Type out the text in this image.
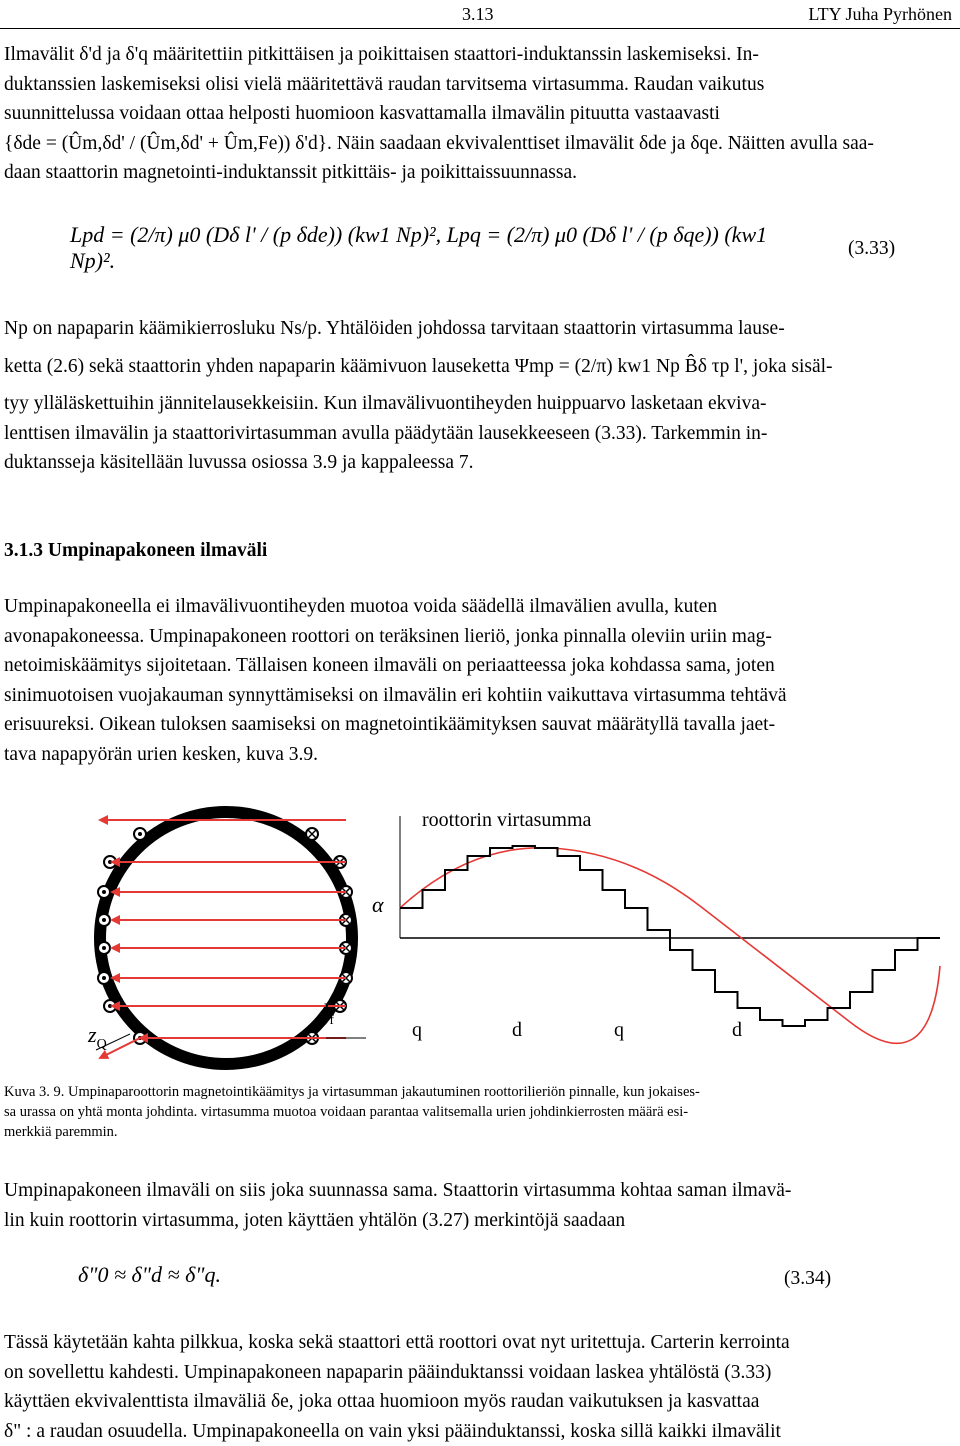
3.13	LTY Juha Pyrhönen
Ilmavälit δ'd ja δ'q määritettiin pitkittäisen ja poikittaisen staattori-induktanssin laskemiseksi. In-
duktanssien laskemiseksi olisi vielä määritettävä raudan tarvitsema virtasumma. Raudan vaikutus
suunnittelussa voidaan ottaa helposti huomioon kasvattamalla ilmavälin pituutta vastaavasti
{δde = (Ûm,δd' / (Ûm,δd' + Ûm,Fe)) δ'd}. Näin saadaan ekvivalenttiset ilmavälit δde ja δqe. Näitten avulla saa-
daan staattorin magnetointi-induktanssit pitkittäis- ja poikittaissuunnassa.
Lpd = (2/π) μ0 (Dδ l' / (p δde)) (kw1 Np)², Lpq = (2/π) μ0 (Dδ l' / (p δqe)) (kw1 Np)².	(3.33)
Np on napaparin käämikierrosluku Ns/p. Yhtälöiden johdossa tarvitaan staattorin virtasumma lause-
ketta (2.6) sekä staattorin yhden napaparin käämivuon lauseketta Ψmp = (2/π) kw1 Np B̂δ τp l', joka sisäl-
tyy ylläläskettuihin jännitelausekkeisiin. Kun ilmavälivuontiheyden huippuarvo lasketaan ekviva-
lenttisen ilmavälin ja staattorivirtasumman avulla päädytään lausekkeeseen (3.33). Tarkemmin in-
duktansseja käsitellään luvussa osiossa 3.9 ja kappaleessa 7.
3.1.3 Umpinapakoneen ilmaväli
Umpinapakoneella ei ilmavälivuontiheyden muotoa voida säädellä ilmavälien avulla, kuten
avonapakoneessa. Umpinapakoneen roottori on teräksinen lieriö, jonka pinnalla oleviin uriin mag-
netoimiskäämitys sijoitetaan. Tällaisen koneen ilmaväli on periaatteessa joka kohdassa sama, joten
sinimuotoisen vuojakauman synnyttämiseksi on ilmavälin eri kohtiin vaikuttava virtasumma tehtävä
erisuureksi. Oikean tuloksen saamiseksi on magnetointikäämityksen sauvat määrätyllä tavalla jaet-
tava napapyörän urien kesken, kuva 3.9.
$z_Q$
$I_f$
roottorin virtasumma
α
q	d	q	d
Kuva 3. 9. Umpinaparoottorin magnetointikäämitys ja virtasumman jakautuminen roottorilieriön pinnalle, kun jokaises-
sa urassa on yhtä monta johdinta. virtasumma muotoa voidaan parantaa valitsemalla urien johdinkierrosten määrä esi-
merkkiä paremmin.
Umpinapakoneen ilmaväli on siis joka suunnassa sama. Staattorin virtasumma kohtaa saman ilmavä-
lin kuin roottorin virtasumma, joten käyttäen yhtälön (3.27) merkintöjä saadaan
δ"0 ≈ δ"d ≈ δ"q.	(3.34)
Tässä käytetään kahta pilkkua, koska sekä staattori että roottori ovat nyt uritettuja. Carterin kerrointa
on sovellettu kahdesti. Umpinapakoneen napaparin pääinduktanssi voidaan laskea yhtälöstä (3.33)
käyttäen ekvivalenttista ilmaväliä δe, joka ottaa huomioon myös raudan vaikutuksen ja kasvattaa
δ" : a raudan osuudella. Umpinapakoneella on vain yksi pääinduktanssi, koska sillä kaikki ilmavälit
